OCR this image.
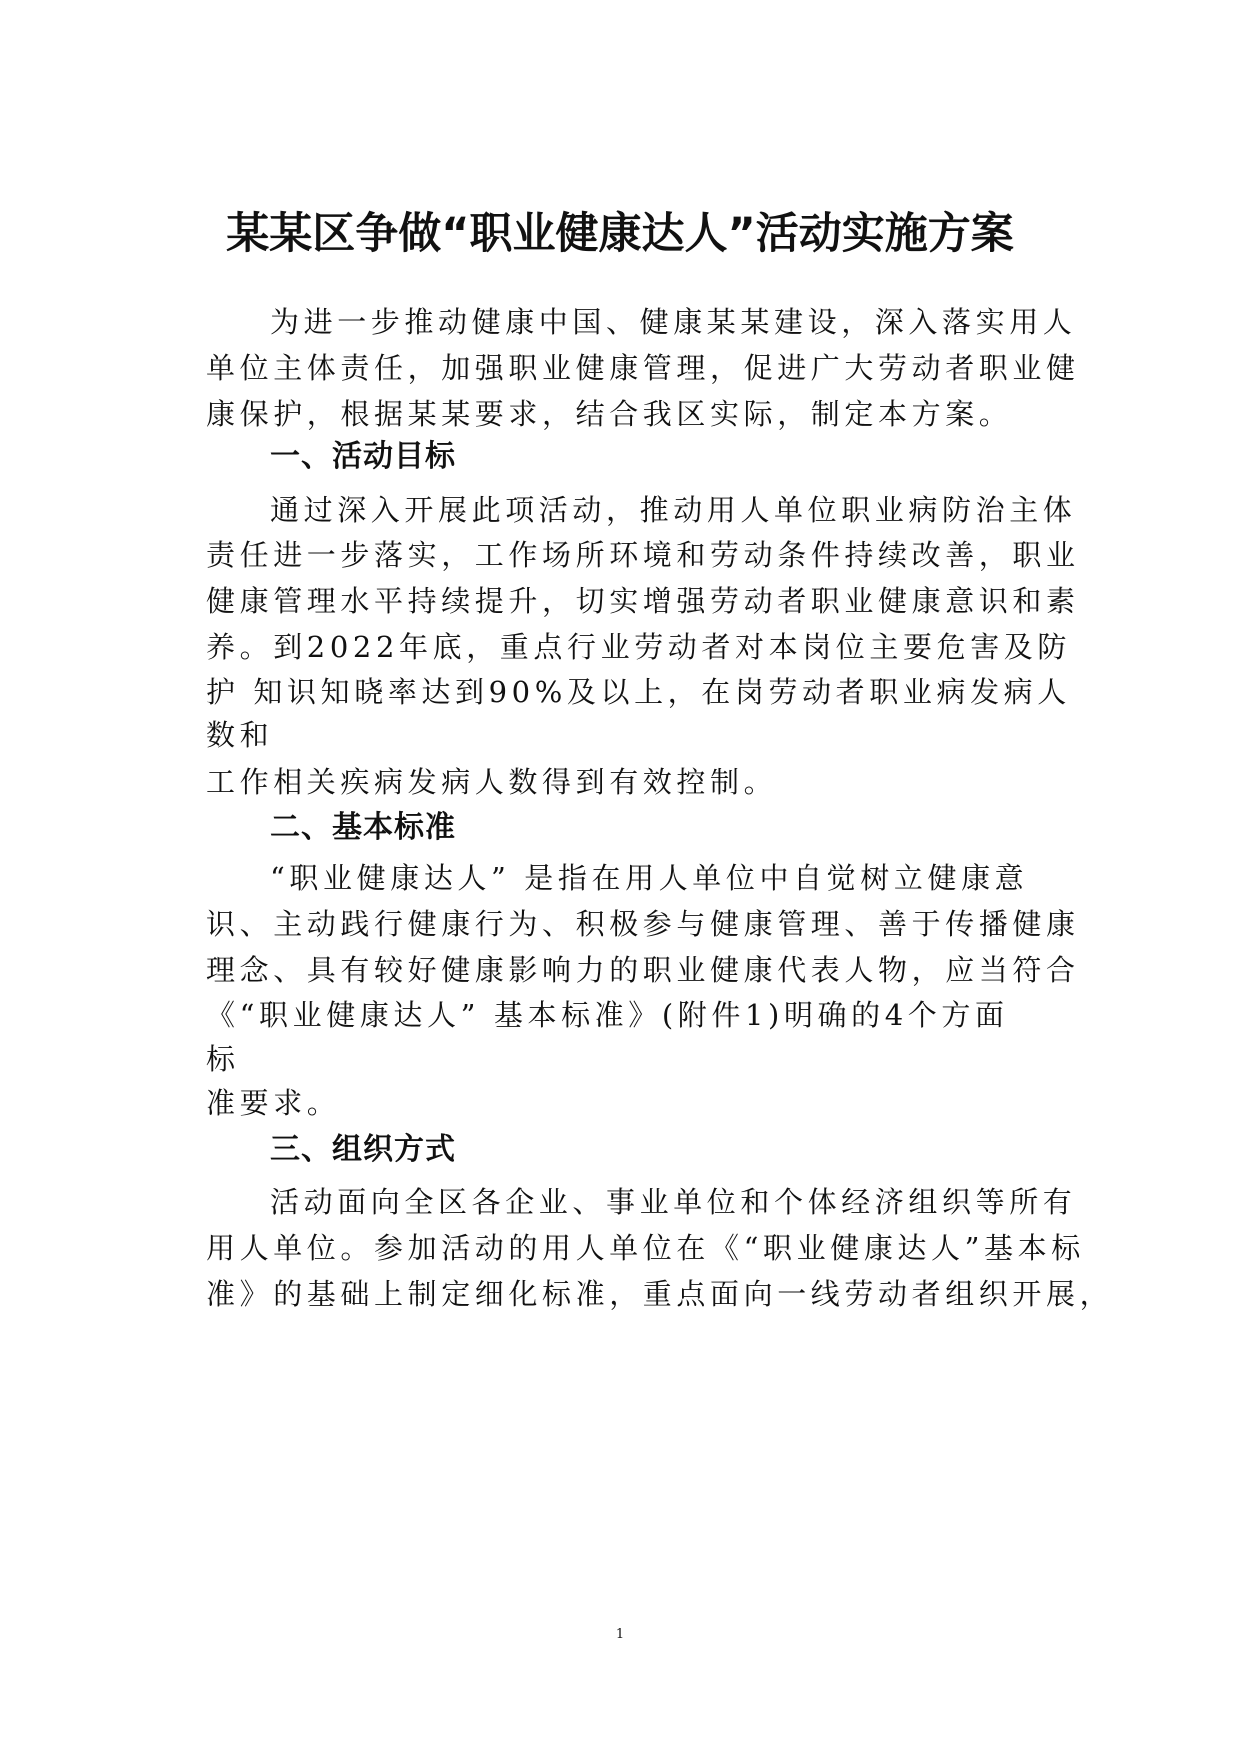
某某区争做“职业健康达人”活动实施方案
为进一步推动健康中国、健康某某建设，深入落实用人
单位主体责任，加强职业健康管理，促进广大劳动者职业健
康保护，根据某某要求，结合我区实际，制定本方案。
一、活动目标
通过深入开展此项活动，推动用人单位职业病防治主体
责任进一步落实，工作场所环境和劳动条件持续改善，职业
健康管理水平持续提升，切实增强劳动者职业健康意识和素
养。到2022年底，重点行业劳动者对本岗位主要危害及防
护 知识知晓率达到90%及以上，在岗劳动者职业病发病人
数和
工作相关疾病发病人数得到有效控制。
二、基本标准
“职业健康达人” 是指在用人单位中自觉树立健康意
识、主动践行健康行为、积极参与健康管理、善于传播健康
理念、具有较好健康影响力的职业健康代表人物，应当符合
《“职业健康达人” 基本标准》(附件1)明确的4个方面
标
准要求。
三、组织方式
活动面向全区各企业、事业单位和个体经济组织等所有
用人单位。参加活动的用人单位在《“职业健康达人”基本标
准》的基础上制定细化标准，重点面向一线劳动者组织开展，
1
